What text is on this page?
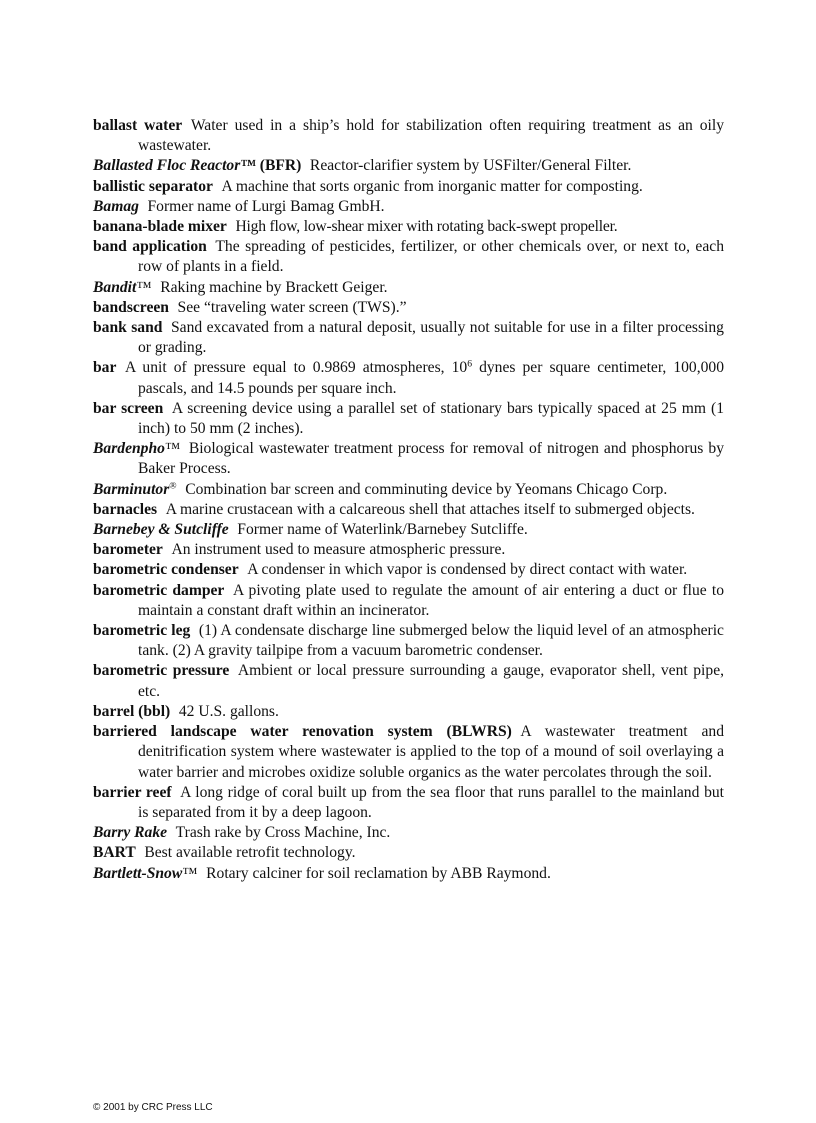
ballast water Water used in a ship’s hold for stabilization often requiring treatment as an oily wastewater.

Ballasted Floc Reactor™ (BFR) Reactor-clarifier system by USFilter/General Filter.

ballistic separator A machine that sorts organic from inorganic matter for composting.

Bamag Former name of Lurgi Bamag GmbH.

banana-blade mixer High flow, low-shear mixer with rotating back-swept propeller.

band application The spreading of pesticides, fertilizer, or other chemicals over, or next to, each row of plants in a field.

Bandit™ Raking machine by Brackett Geiger.

bandscreen See “traveling water screen (TWS).”

bank sand Sand excavated from a natural deposit, usually not suitable for use in a filter processing or grading.

bar A unit of pressure equal to 0.9869 atmospheres, $10^6$ dynes per square centimeter, 100,000 pascals, and 14.5 pounds per square inch.

bar screen A screening device using a parallel set of stationary bars typically spaced at 25 mm (1 inch) to 50 mm (2 inches).

Bardenpho™ Biological wastewater treatment process for removal of nitrogen and phosphorus by Baker Process.

Barminutor® Combination bar screen and comminuting device by Yeomans Chicago Corp.

barnacles A marine crustacean with a calcareous shell that attaches itself to submerged objects.

Barnebey & Sutcliffe Former name of Waterlink/Barnebey Sutcliffe.

barometer An instrument used to measure atmospheric pressure.

barometric condenser A condenser in which vapor is condensed by direct contact with water.

barometric damper A pivoting plate used to regulate the amount of air entering a duct or flue to maintain a constant draft within an incinerator.

barometric leg (1) A condensate discharge line submerged below the liquid level of an atmospheric tank. (2) A gravity tailpipe from a vacuum barometric condenser.

barometric pressure Ambient or local pressure surrounding a gauge, evaporator shell, vent pipe, etc.

barrel (bbl) 42 U.S. gallons.

barriered landscape water renovation system (BLWRS) A wastewater treatment and denitrification system where wastewater is applied to the top of a mound of soil overlaying a water barrier and microbes oxidize soluble organics as the water percolates through the soil.

barrier reef A long ridge of coral built up from the sea floor that runs parallel to the mainland but is separated from it by a deep lagoon.

Barry Rake Trash rake by Cross Machine, Inc.

BART Best available retrofit technology.

Bartlett-Snow™ Rotary calciner for soil reclamation by ABB Raymond.

© 2001 by CRC Press LLC
